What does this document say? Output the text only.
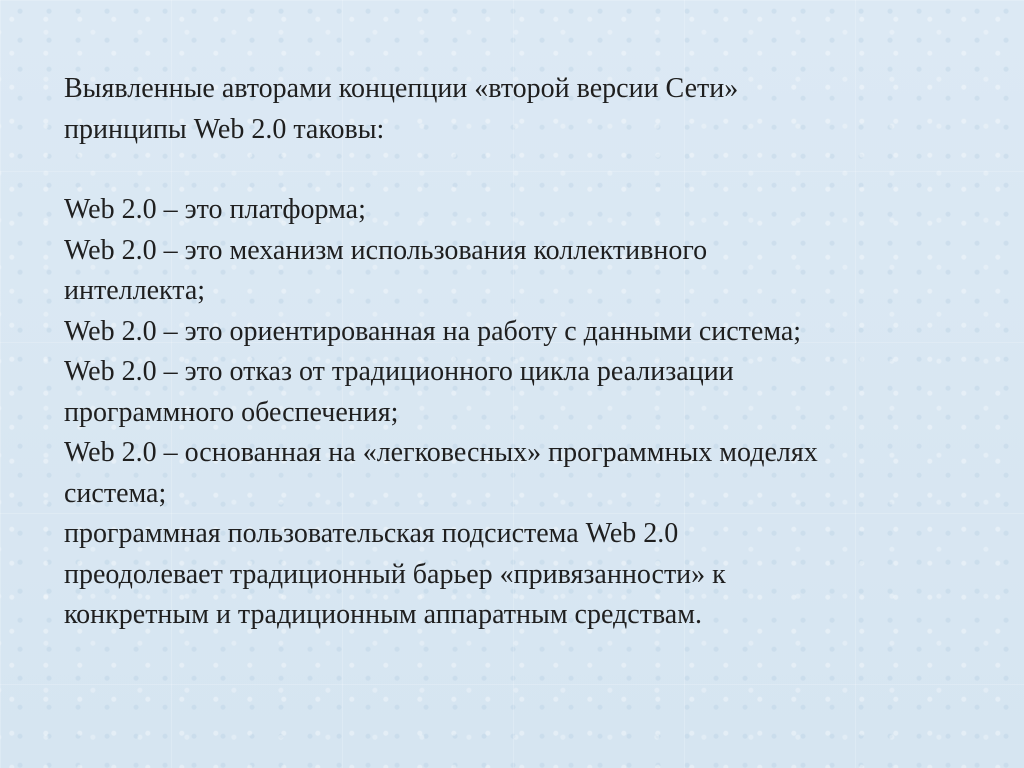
Выявленные авторами концепции «второй версии Сети»
принципы Web 2.0 таковы:

Web 2.0 – это платформа;
Web 2.0 – это механизм использования коллективного
интеллекта;
Web 2.0 – это ориентированная на работу с данными система;
Web 2.0 – это отказ от традиционного цикла реализации
программного обеспечения;
Web 2.0 – основанная на «легковесных» программных моделях
система;
программная пользовательская подсистема Web 2.0
преодолевает традиционный барьер «привязанности» к
конкретным и традиционным аппаратным средствам.
